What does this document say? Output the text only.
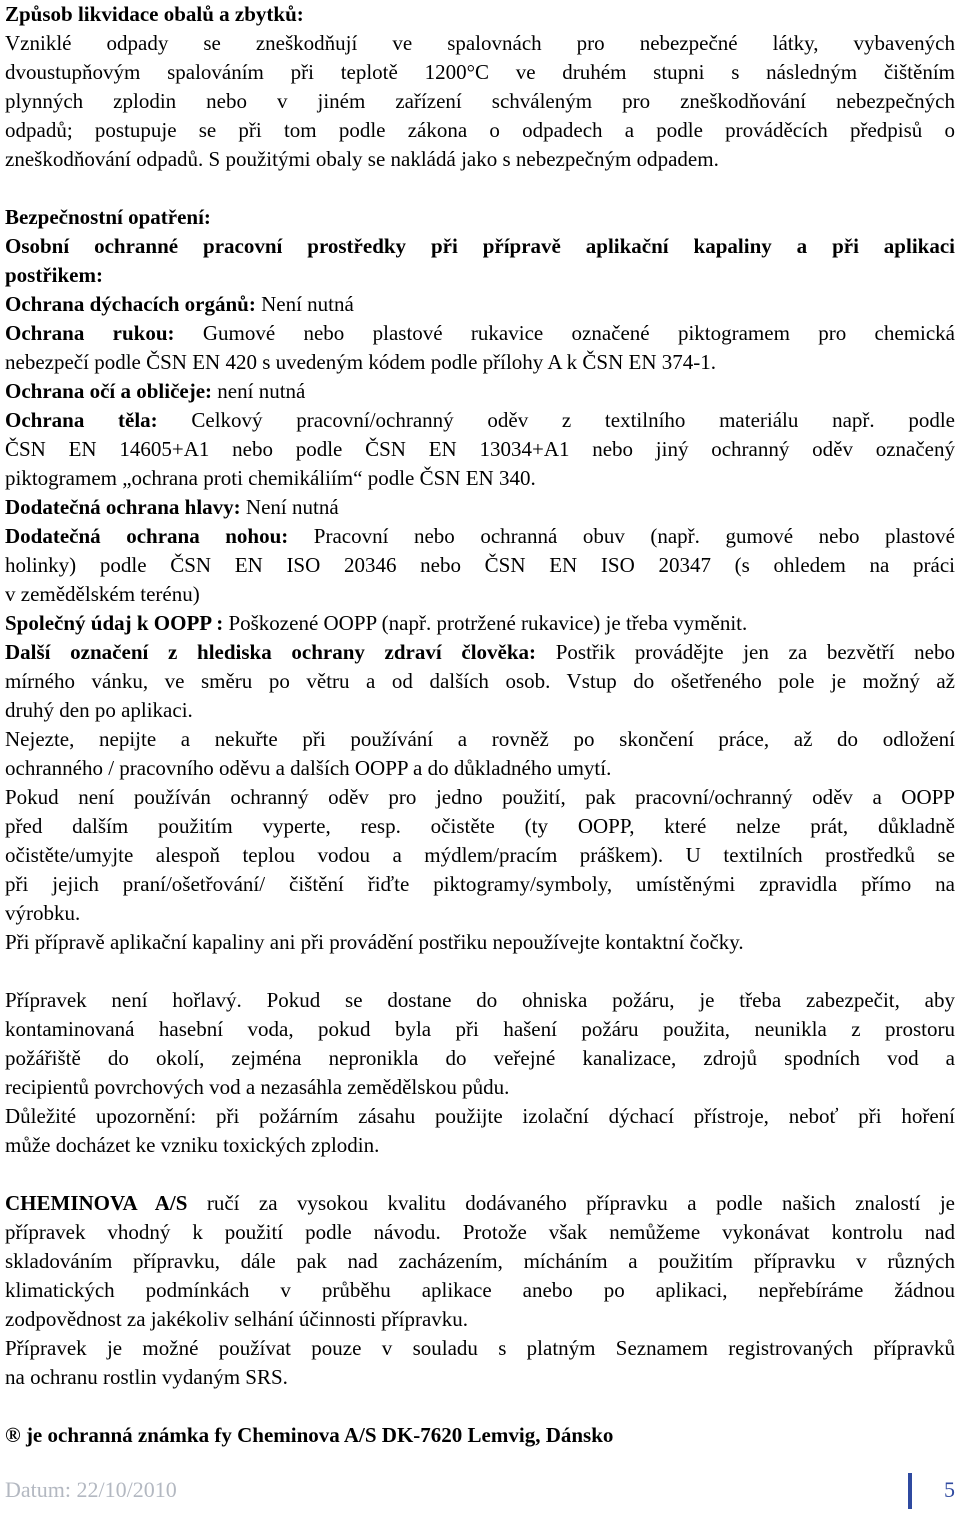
Způsob likvidace obalů a zbytků:
Vzniklé odpady se zneškodňují ve spalovnách pro nebezpečné látky, vybavených
dvoustupňovým spalováním při teplotě 1200°C ve druhém stupni s následným čištěním
plynných zplodin nebo v jiném zařízení schváleným pro zneškodňování nebezpečných
odpadů; postupuje se při tom podle zákona o odpadech a podle prováděcích předpisů o
zneškodňování odpadů. S použitými obaly se nakládá jako s nebezpečným odpadem.
Bezpečnostní opatření:
Osobní ochranné pracovní prostředky při přípravě aplikační kapaliny a při aplikaci
postřikem:
Ochrana dýchacích orgánů: Není nutná
Ochrana rukou: Gumové nebo plastové rukavice označené piktogramem pro chemická
nebezpečí podle ČSN EN 420 s uvedeným kódem podle přílohy A k ČSN EN 374-1.
Ochrana očí a obličeje: není nutná
Ochrana těla: Celkový pracovní/ochranný oděv z textilního materiálu např. podle
ČSN EN 14605+A1 nebo podle ČSN EN 13034+A1 nebo jiný ochranný oděv označený
piktogramem „ochrana proti chemikáliím“ podle ČSN EN 340.
Dodatečná ochrana hlavy: Není nutná
Dodatečná ochrana nohou: Pracovní nebo ochranná obuv (např. gumové nebo plastové
holinky) podle ČSN EN ISO 20346 nebo ČSN EN ISO 20347 (s ohledem na práci
v zemědělském terénu)
Společný údaj k OOPP : Poškozené OOPP (např. protržené rukavice) je třeba vyměnit.
Další označení z hlediska ochrany zdraví člověka: Postřik provádějte jen za bezvětří nebo
mírného vánku, ve směru po větru a od dalších osob. Vstup do ošetřeného pole je možný až
druhý den po aplikaci.
Nejezte, nepijte a nekuřte při používání a rovněž po skončení práce, až do odložení
ochranného / pracovního oděvu a dalších OOPP a do důkladného umytí.
Pokud není používán ochranný oděv pro jedno použití, pak pracovní/ochranný oděv a OOPP
před dalším použitím vyperte, resp. očistěte (ty OOPP, které nelze prát, důkladně
očistěte/umyjte alespoň teplou vodou a mýdlem/pracím práškem). U textilních prostředků se
při jejich praní/ošetřování/ čištění řiďte piktogramy/symboly, umístěnými zpravidla přímo na
výrobku.
Při přípravě aplikační kapaliny ani při provádění postřiku nepoužívejte kontaktní čočky.
Přípravek není hořlavý. Pokud se dostane do ohniska požáru, je třeba zabezpečit, aby
kontaminovaná hasební voda, pokud byla při hašení požáru použita, neunikla z prostoru
požářiště do okolí, zejména nepronikla do veřejné kanalizace, zdrojů spodních vod a
recipientů povrchových vod a nezasáhla zemědělskou půdu.
Důležité upozornění: při požárním zásahu použijte izolační dýchací přístroje, neboť při hoření
může docházet ke vzniku toxických zplodin.
CHEMINOVA A/S ručí za vysokou kvalitu dodávaného přípravku a podle našich znalostí je
přípravek vhodný k použití podle návodu. Protože však nemůžeme vykonávat kontrolu nad
skladováním přípravku, dále pak nad zacházením, mícháním a použitím přípravku v různých
klimatických podmínkách v průběhu aplikace anebo po aplikaci, nepřebíráme žádnou
zodpovědnost za jakékoliv selhání účinnosti přípravku.
Přípravek je možné používat pouze v souladu s platným Seznamem registrovaných přípravků
na ochranu rostlin vydaným SRS.
® je ochranná známka fy Cheminova A/S DK-7620 Lemvig, Dánsko
Datum: 22/10/2010	5
